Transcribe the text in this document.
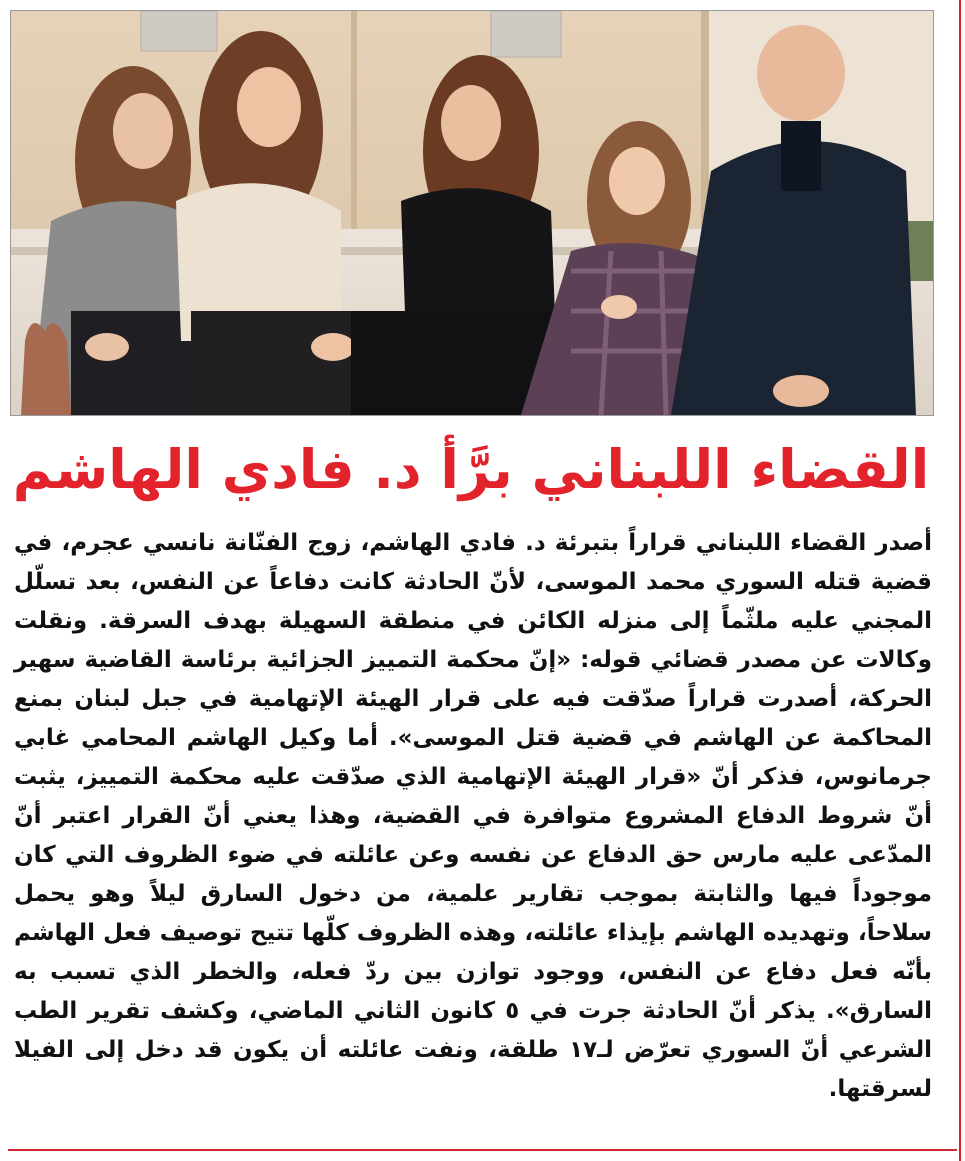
القضاء اللبناني برَّأ د. فادي الهاشم

أصدر القضاء اللبناني قراراً بتبرئة د. فادي الهاشم، زوج الفنّانة نانسي عجرم، في قضية قتله السوري محمد الموسى، لأنّ الحادثة كانت دفاعاً عن النفس، بعد تسلّل المجني عليه ملثّماً إلى منزله الكائن في منطقة السهيلة بهدف السرقة. ونقلت وكالات عن مصدر قضائي قوله: «إنّ محكمة التمييز الجزائية برئاسة القاضية سهير الحركة، أصدرت قراراً صدّقت فيه على قرار الهيئة الإتهامية في جبل لبنان بمنع المحاكمة عن الهاشم في قضية قتل الموسى». أما وكيل الهاشم المحامي غابي جرمانوس، فذكر أنّ «قرار الهيئة الإتهامية الذي صدّقت عليه محكمة التمييز، يثبت أنّ شروط الدفاع المشروع متوافرة في القضية، وهذا يعني أنّ القرار اعتبر أنّ المدّعى عليه مارس حق الدفاع عن نفسه وعن عائلته في ضوء الظروف التي كان موجوداً فيها والثابتة بموجب تقارير علمية، من دخول السارق ليلاً وهو يحمل سلاحاً، وتهديده الهاشم بإيذاء عائلته، وهذه الظروف كلّها تتيح توصيف فعل الهاشم بأنّه فعل دفاع عن النفس، ووجود توازن بين ردّ فعله، والخطر الذي تسبب به السارق». يذكر أنّ الحادثة جرت في ٥ كانون الثاني الماضي، وكشف تقرير الطب الشرعي أنّ السوري تعرّض لـ١٧ طلقة، ونفت عائلته أن يكون قد دخل إلى الفيلا لسرقتها.
